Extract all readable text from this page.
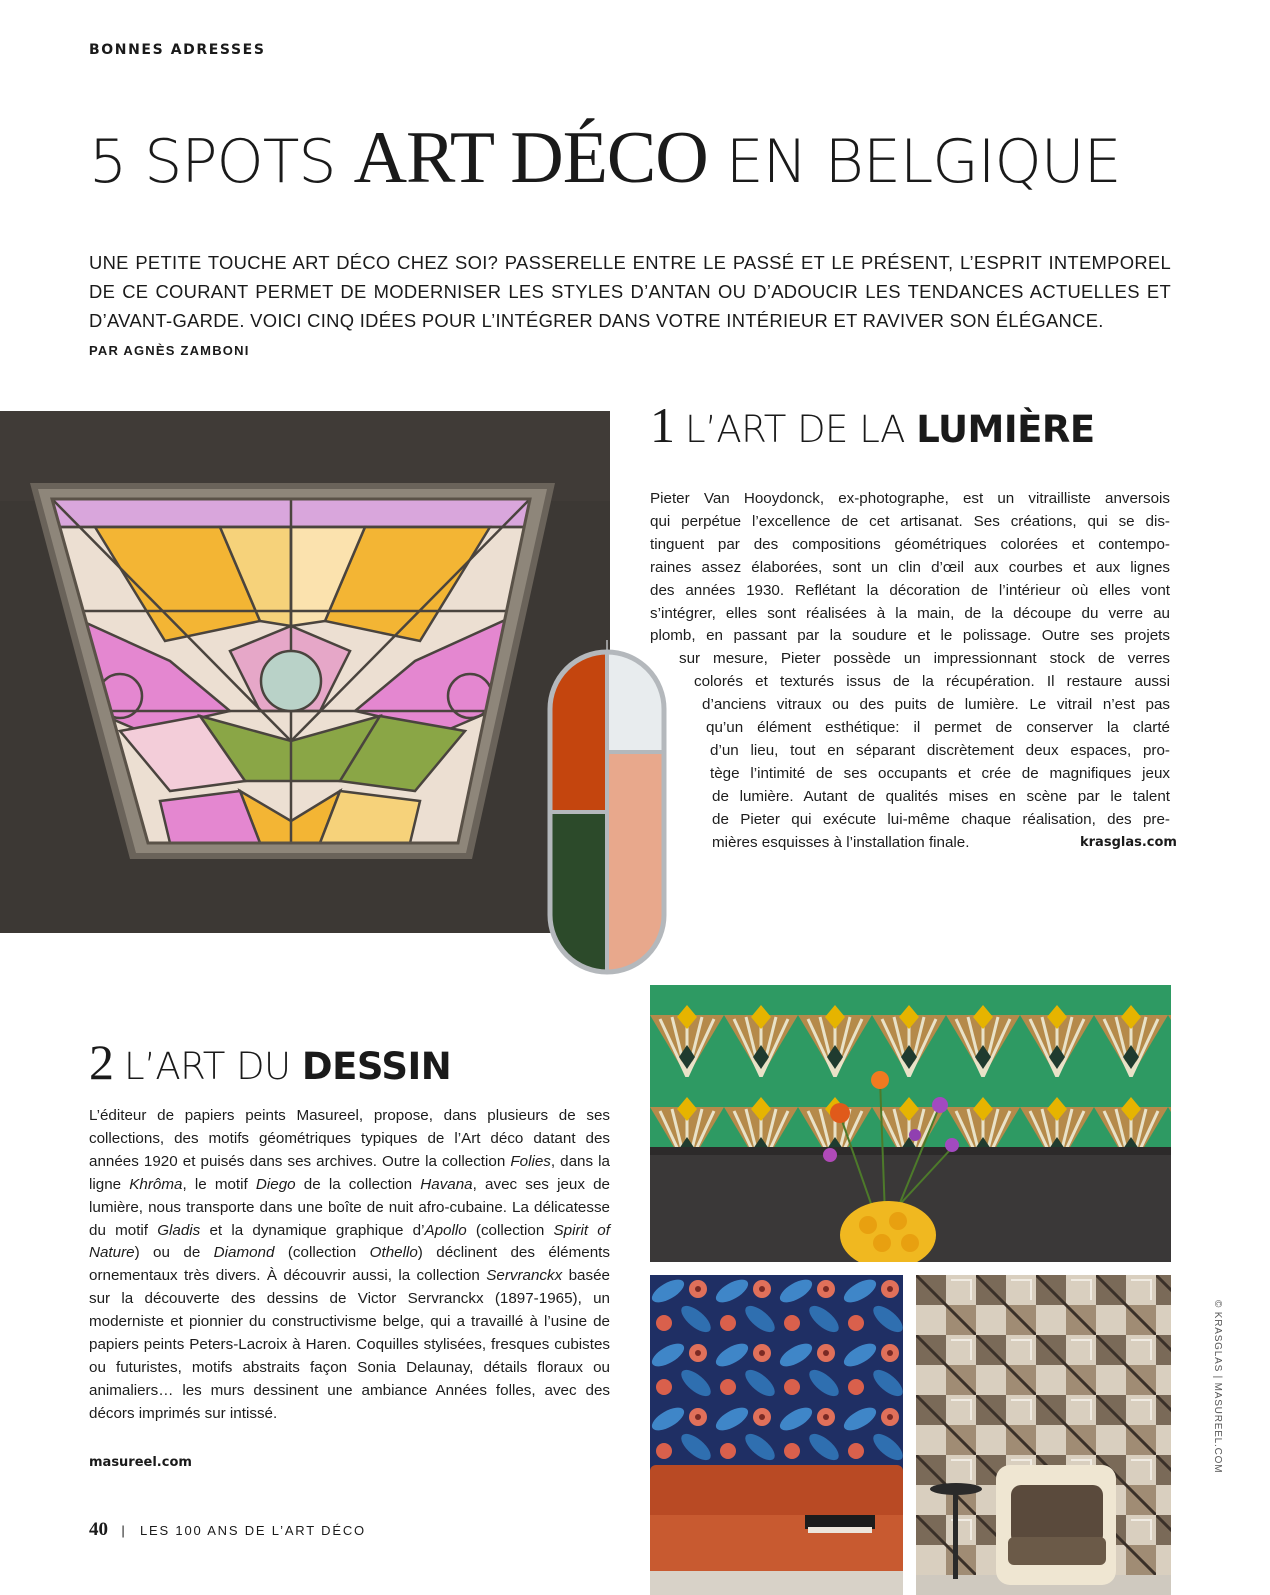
BONNES ADRESSES
5 SPOTS ART DÉCO EN BELGIQUE
UNE PETITE TOUCHE ART DÉCO CHEZ SOI? PASSERELLE ENTRE LE PASSÉ ET LE PRÉSENT, L’ESPRIT INTEMPOREL DE CE COURANT PERMET DE MODERNISER LES STYLES D’ANTAN OU D’ADOUCIR LES TENDANCES ACTUELLES ET D’AVANT-GARDE. VOICI CINQ IDÉES POUR L’INTÉGRER DANS VOTRE INTÉRIEUR ET RAVIVER SON ÉLÉGANCE.
PAR AGNÈS ZAMBONI
1 L’ART DE LA LUMIÈRE
Pieter Van Hooydonck, ex-photographe, est un vitrailliste anversois
qui perpétue l’excellence de cet artisanat. Ses créations, qui se dis-
tinguent par des compositions géométriques colorées et contempo-
raines assez élaborées, sont un clin d’œil aux courbes et aux lignes
des années 1930. Reflétant la décoration de l’intérieur où elles vont
s’intégrer, elles sont réalisées à la main, de la découpe du verre au
plomb, en passant par la soudure et le polissage. Outre ses projets
sur mesure, Pieter possède un impressionnant stock de verres
colorés et texturés issus de la récupération. Il restaure aussi
d’anciens vitraux ou des puits de lumière. Le vitrail n’est pas
qu’un élément esthétique: il permet de conserver la clarté
d’un lieu, tout en séparant discrètement deux espaces, pro-
tège l’intimité de ses occupants et crée de magnifiques jeux
de lumière. Autant de qualités mises en scène par le talent
de Pieter qui exécute lui-même chaque réalisation, des pre-
mières esquisses à l’installation finale.	krasglas.com
2 L’ART DU DESSIN
L’éditeur de papiers peints Masureel, propose, dans plusieurs de ses collections, des motifs géométriques typiques de l’Art déco datant des années 1920 et puisés dans ses archives. Outre la collection Folies, dans la ligne Khrôma, le motif Diego de la collection Havana, avec ses jeux de lumière, nous transporte dans une boîte de nuit afro-cubaine. La délicatesse du motif Gladis et la dynamique graphique d’Apollo (collection Spirit of Nature) ou de Diamond (collection Othello) déclinent des éléments ornementaux très divers. À découvrir aussi, la collection Servranckx basée sur la découverte des dessins de Victor Servranckx (1897-1965), un moderniste et pionnier du constructivisme belge, qui a travaillé à l’usine de papiers peints Peters-Lacroix à Haren. Coquilles stylisées, fresques cubistes ou futuristes, motifs abstraits façon Sonia Delaunay, détails floraux ou animaliers… les murs dessinent une ambiance Années folles, avec des décors imprimés sur intissé.
masureel.com	© KRASGLAS | MASUREEL.COM
40 | LES 100 ANS DE L’ART DÉCO
